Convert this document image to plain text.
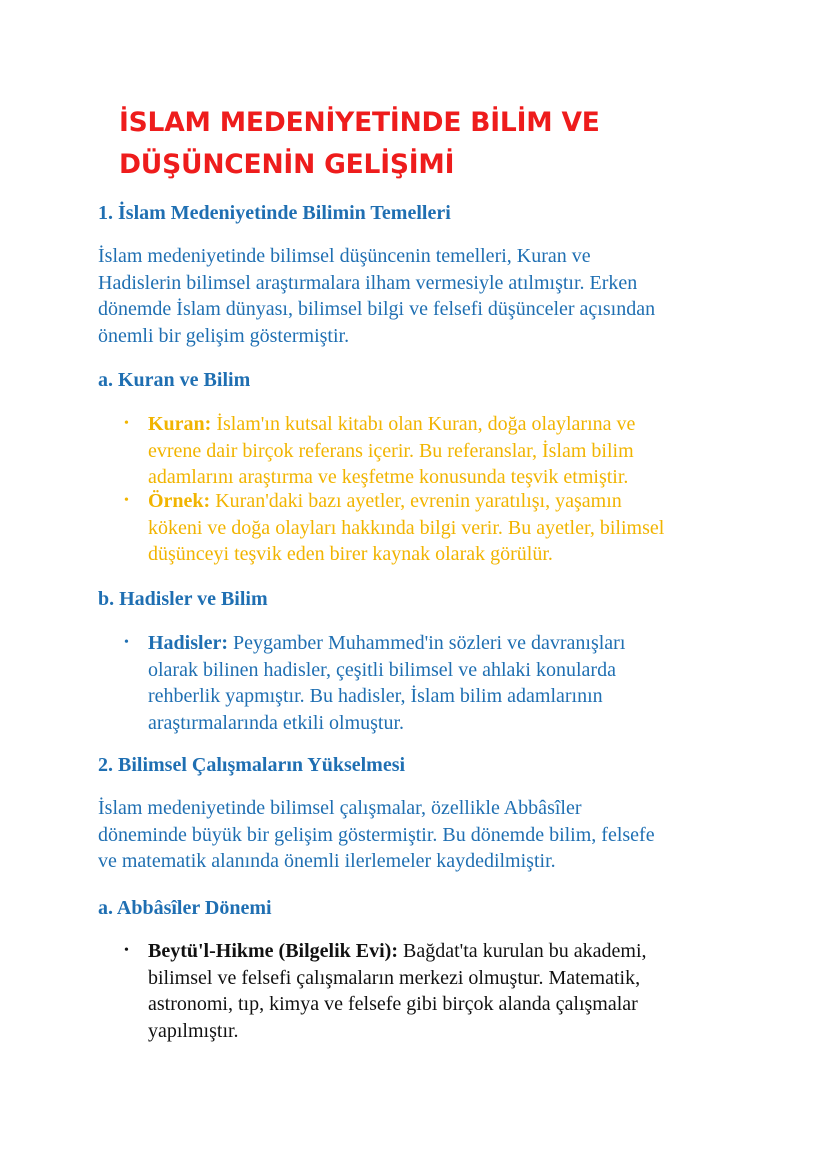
İSLAM MEDENİYETİNDE BİLİM VE
DÜŞÜNCENİN GELİŞİMİ
1. İslam Medeniyetinde Bilimin Temelleri
İslam medeniyetinde bilimsel düşüncenin temelleri, Kuran ve
Hadislerin bilimsel araştırmalara ilham vermesiyle atılmıştır. Erken
dönemde İslam dünyası, bilimsel bilgi ve felsefi düşünceler açısından
önemli bir gelişim göstermiştir.
a. Kuran ve Bilim
• Kuran: İslam'ın kutsal kitabı olan Kuran, doğa olaylarına ve
evrene dair birçok referans içerir. Bu referanslar, İslam bilim
adamlarını araştırma ve keşfetme konusunda teşvik etmiştir.
• Örnek: Kuran'daki bazı ayetler, evrenin yaratılışı, yaşamın
kökeni ve doğa olayları hakkında bilgi verir. Bu ayetler, bilimsel
düşünceyi teşvik eden birer kaynak olarak görülür.
b. Hadisler ve Bilim
• Hadisler: Peygamber Muhammed'in sözleri ve davranışları
olarak bilinen hadisler, çeşitli bilimsel ve ahlaki konularda
rehberlik yapmıştır. Bu hadisler, İslam bilim adamlarının
araştırmalarında etkili olmuştur.
2. Bilimsel Çalışmaların Yükselmesi
İslam medeniyetinde bilimsel çalışmalar, özellikle Abbâsîler
döneminde büyük bir gelişim göstermiştir. Bu dönemde bilim, felsefe
ve matematik alanında önemli ilerlemeler kaydedilmiştir.
a. Abbâsîler Dönemi
• Beytü'l-Hikme (Bilgelik Evi): Bağdat'ta kurulan bu akademi,
bilimsel ve felsefi çalışmaların merkezi olmuştur. Matematik,
astronomi, tıp, kimya ve felsefe gibi birçok alanda çalışmalar
yapılmıştır.
